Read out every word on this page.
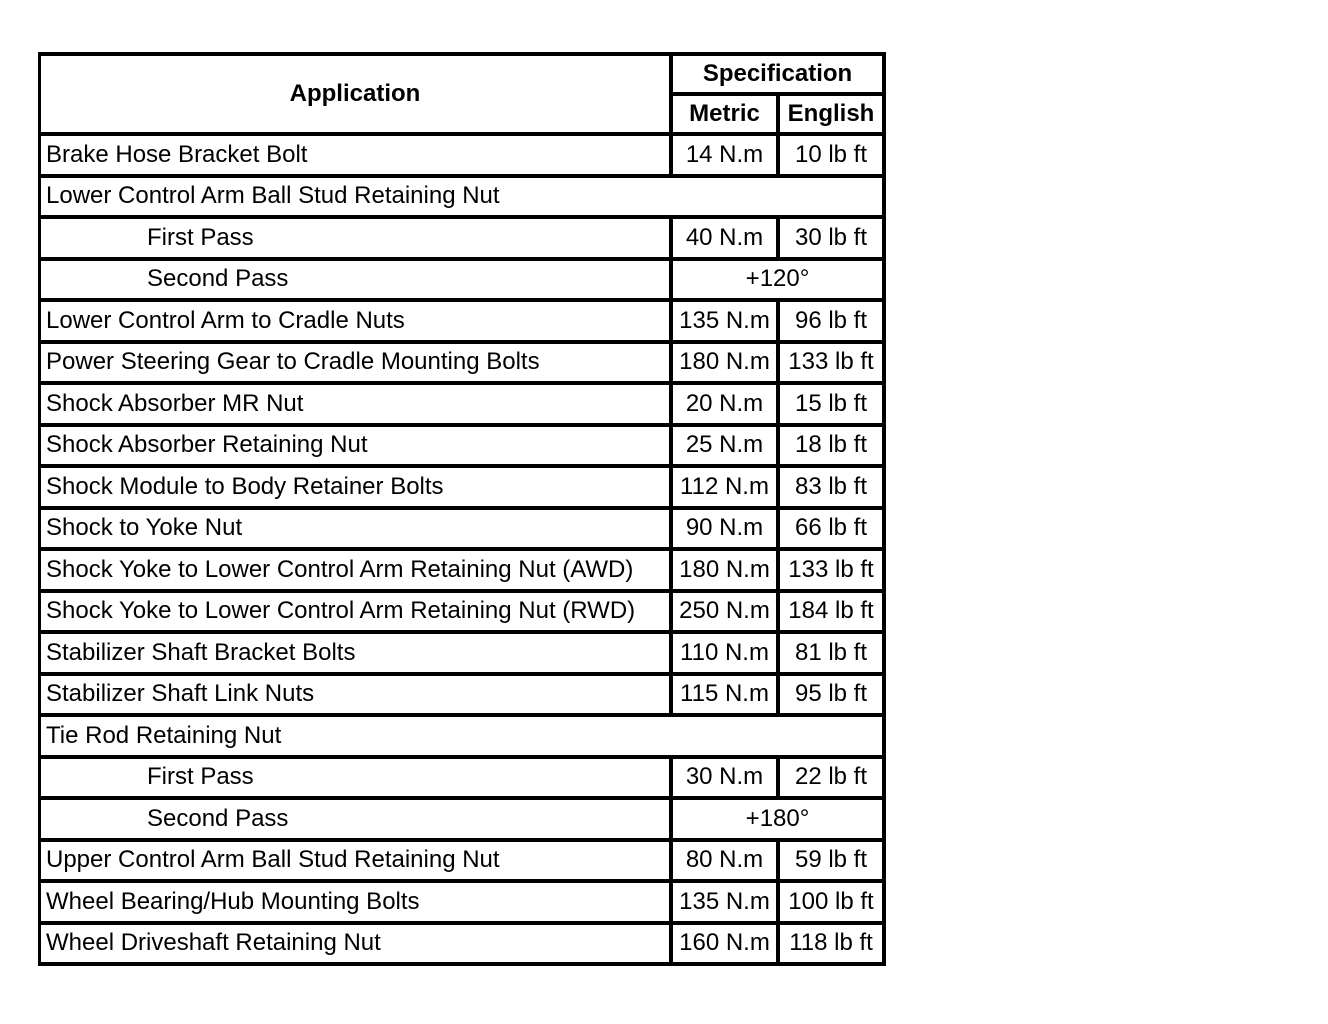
Application	Specification	
	Metric	English
Brake Hose Bracket Bolt	14 N.m	10 lb ft
Lower Control Arm Ball Stud Retaining Nut		
First Pass	40 N.m	30 lb ft
Second Pass	+120°	
Lower Control Arm to Cradle Nuts	135 N.m	96 lb ft
Power Steering Gear to Cradle Mounting Bolts	180 N.m	133 lb ft
Shock Absorber MR Nut	20 N.m	15 lb ft
Shock Absorber Retaining Nut	25 N.m	18 lb ft
Shock Module to Body Retainer Bolts	112 N.m	83 lb ft
Shock to Yoke Nut	90 N.m	66 lb ft
Shock Yoke to Lower Control Arm Retaining Nut (AWD)	180 N.m	133 lb ft
Shock Yoke to Lower Control Arm Retaining Nut (RWD)	250 N.m	184 lb ft
Stabilizer Shaft Bracket Bolts	110 N.m	81 lb ft
Stabilizer Shaft Link Nuts	115 N.m	95 lb ft
Tie Rod Retaining Nut		
First Pass	30 N.m	22 lb ft
Second Pass	+180°	
Upper Control Arm Ball Stud Retaining Nut	80 N.m	59 lb ft
Wheel Bearing/Hub Mounting Bolts	135 N.m	100 lb ft
Wheel Driveshaft Retaining Nut	160 N.m	118 lb ft
